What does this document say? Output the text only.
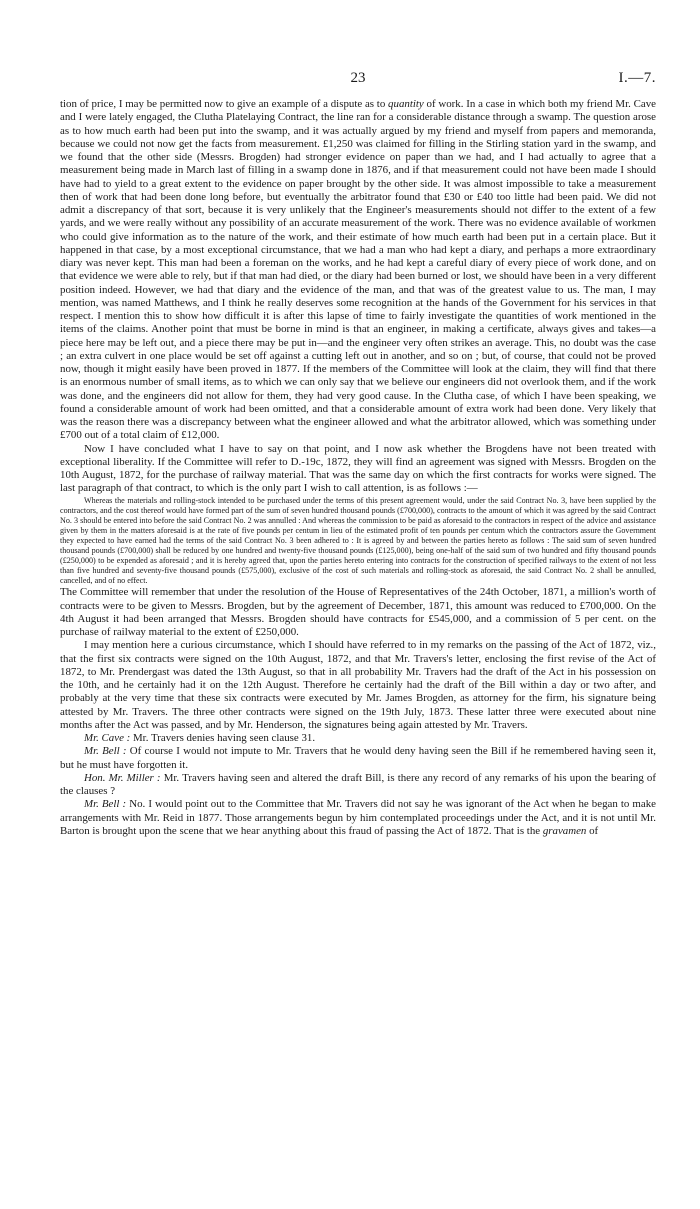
23	I.—7.

tion of price, I may be permitted now to give an example of a dispute as to quantity of work. In a case in which both my friend Mr. Cave and I were lately engaged, the Clutha Platelaying Contract, the line ran for a considerable distance through a swamp. The question arose as to how much earth had been put into the swamp, and it was actually argued by my friend and myself from papers and memoranda, because we could not now get the facts from measurement. £1,250 was claimed for filling in the Stirling station yard in the swamp, and we found that the other side (Messrs. Brogden) had stronger evidence on paper than we had, and I had actually to agree that a measurement being made in March last of filling in a swamp done in 1876, and if that measurement could not have been made I should have had to yield to a great extent to the evidence on paper brought by the other side. It was almost impossible to take a measurement then of work that had been done long before, but eventually the arbitrator found that £30 or £40 too little had been paid. We did not admit a discrepancy of that sort, because it is very unlikely that the Engineer's measurements should not differ to the extent of a few yards, and we were really without any possibility of an accurate measurement of the work. There was no evidence available of workmen who could give information as to the nature of the work, and their estimate of how much earth had been put in a certain place. But it happened in that case, by a most exceptional circumstance, that we had a man who had kept a diary, and perhaps a more extraordinary diary was never kept. This man had been a foreman on the works, and he had kept a careful diary of every piece of work done, and on that evidence we were able to rely, but if that man had died, or the diary had been burned or lost, we should have been in a very different position indeed. However, we had that diary and the evidence of the man, and that was of the greatest value to us. The man, I may mention, was named Matthews, and I think he really deserves some recognition at the hands of the Government for his services in that respect. I mention this to show how difficult it is after this lapse of time to fairly investigate the quantities of work mentioned in the items of the claims. Another point that must be borne in mind is that an engineer, in making a certificate, always gives and takes—a piece here may be left out, and a piece there may be put in—and the engineer very often strikes an average. This, no doubt was the case ; an extra culvert in one place would be set off against a cutting left out in another, and so on ; but, of course, that could not be proved now, though it might easily have been proved in 1877. If the members of the Committee will look at the claim, they will find that there is an enormous number of small items, as to which we can only say that we believe our engineers did not overlook them, and if the work was done, and the engineers did not allow for them, they had very good cause. In the Clutha case, of which I have been speaking, we found a considerable amount of work had been omitted, and that a considerable amount of extra work had been done. Very likely that was the reason there was a discrepancy between what the engineer allowed and what the arbitrator allowed, which was something under £700 out of a total claim of £12,000.

Now I have concluded what I have to say on that point, and I now ask whether the Brogdens have not been treated with exceptional liberality. If the Committee will refer to D.-19c, 1872, they will find an agreement was signed with Messrs. Brogden on the 10th August, 1872, for the purchase of railway material. That was the same day on which the first contracts for works were signed. The last paragraph of that contract, to which is the only part I wish to call attention, is as follows :—

Whereas the materials and rolling-stock intended to be purchased under the terms of this present agreement would, under the said Contract No. 3, have been supplied by the contractors, and the cost thereof would have formed part of the sum of seven hundred thousand pounds (£700,000), contracts to the amount of which it was agreed by the said Contract No. 3 should be entered into before the said Contract No. 2 was annulled : And whereas the commission to be paid as aforesaid to the contractors in respect of the advice and assistance given by them in the matters aforesaid is at the rate of five pounds per centum in lieu of the estimated profit of ten pounds per centum which the contractors assure the Government they expected to have earned had the terms of the said Contract No. 3 been adhered to : It is agreed by and between the parties hereto as follows : The said sum of seven hundred thousand pounds (£700,000) shall be reduced by one hundred and twenty-five thousand pounds (£125,000), being one-half of the said sum of two hundred and fifty thousand pounds (£250,000) to be expended as aforesaid ; and it is hereby agreed that, upon the parties hereto entering into contracts for the construction of specified railways to the extent of not less than five hundred and seventy-five thousand pounds (£575,000), exclusive of the cost of such materials and rolling-stock as aforesaid, the said Contract No. 2 shall be annulled, cancelled, and of no effect.

The Committee will remember that under the resolution of the House of Representatives of the 24th October, 1871, a million's worth of contracts were to be given to Messrs. Brogden, but by the agreement of December, 1871, this amount was reduced to £700,000. On the 4th August it had been arranged that Messrs. Brogden should have contracts for £545,000, and a commission of 5 per cent. on the purchase of railway material to the extent of £250,000.

I may mention here a curious circumstance, which I should have referred to in my remarks on the passing of the Act of 1872, viz., that the first six contracts were signed on the 10th August, 1872, and that Mr. Travers's letter, enclosing the first revise of the Act of 1872, to Mr. Prendergast was dated the 13th August, so that in all probability Mr. Travers had the draft of the Act in his possession on the 10th, and he certainly had it on the 12th August. Therefore he certainly had the draft of the Bill within a day or two after, and probably at the very time that these six contracts were executed by Mr. James Brogden, as attorney for the firm, his signature being attested by Mr. Travers. The three other contracts were signed on the 19th July, 1873. These latter three were executed about nine months after the Act was passed, and by Mr. Henderson, the signatures being again attested by Mr. Travers.

Mr. Cave : Mr. Travers denies having seen clause 31.

Mr. Bell : Of course I would not impute to Mr. Travers that he would deny having seen the Bill if he remembered having seen it, but he must have forgotten it.

Hon. Mr. Miller : Mr. Travers having seen and altered the draft Bill, is there any record of any remarks of his upon the bearing of the clauses ?

Mr. Bell : No. I would point out to the Committee that Mr. Travers did not say he was ignorant of the Act when he began to make arrangements with Mr. Reid in 1877. Those arrangements begun by him contemplated proceedings under the Act, and it is not until Mr. Barton is brought upon the scene that we hear anything about this fraud of passing the Act of 1872. That is the gravamen of
